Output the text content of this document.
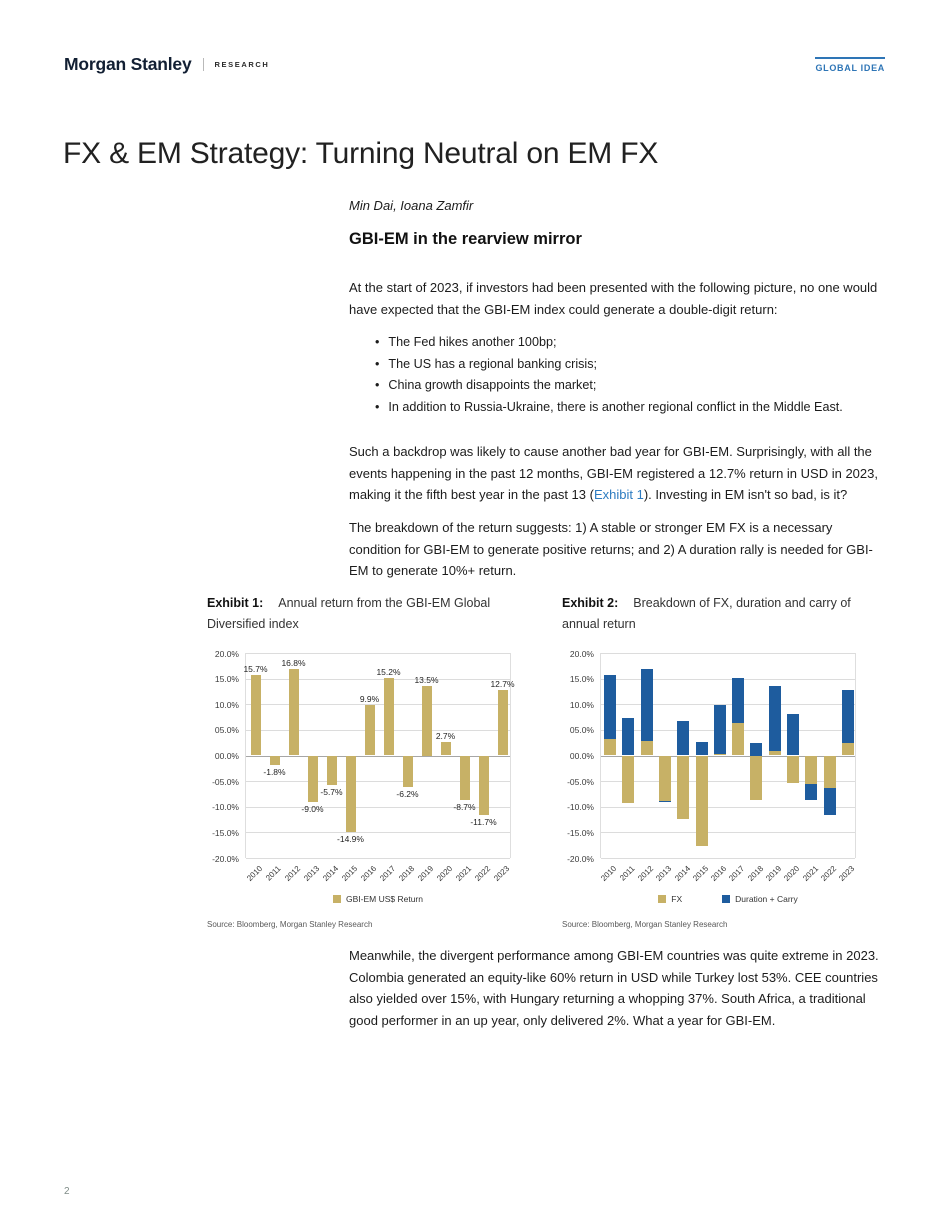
Morgan Stanley	RESEARCH	GLOBAL IDEA
FX & EM Strategy: Turning Neutral on EM FX
Min Dai, Ioana Zamfir
GBI-EM in the rearview mirror

At the start of 2023, if investors had been presented with the following picture, no one would have expected that the GBI-EM index could generate a double-digit return:

• The Fed hikes another 100bp;
• The US has a regional banking crisis;
• China growth disappoints the market;
• In addition to Russia-Ukraine, there is another regional conflict in the Middle East.

Such a backdrop was likely to cause another bad year for GBI-EM. Surprisingly, with all the events happening in the past 12 months, GBI-EM registered a 12.7% return in USD in 2023, making it the fifth best year in the past 13 (Exhibit 1). Investing in EM isn't so bad, is it?

The breakdown of the return suggests: 1) A stable or stronger EM FX is a necessary condition for GBI-EM to generate positive returns; and 2) A duration rally is needed for GBI-EM to generate 10%+ return.

Exhibit 1: Annual return from the GBI-EM Global Diversified index
20.0%
15.0%
10.0%
05.0%
00.0%
-05.0%
-10.0%
-15.0%
-20.0%
2010 2011 2012 2013 2014 2015 2016 2017 2018 2019 2020 2021 2022 2023
15.7%
-1.8%
16.8%
-9.0%
-5.7%
-14.9%
9.9%
15.2%
-6.2%
13.5%
2.7%
-8.7%
-11.7%
12.7%
GBI-EM US$ Return
Source: Bloomberg, Morgan Stanley Research
Exhibit 2: Breakdown of FX, duration and carry of annual return
20.0%
15.0%
10.0%
05.0%
00.0%
-05.0%
-10.0%
-15.0%
-20.0%
2010 2011 2012 2013 2014 2015 2016 2017 2018 2019 2020 2021 2022 2023
FX	Duration + Carry
Source: Bloomberg, Morgan Stanley Research

Meanwhile, the divergent performance among GBI-EM countries was quite extreme in 2023. Colombia generated an equity-like 60% return in USD while Turkey lost 53%. CEE countries also yielded over 15%, with Hungary returning a whopping 37%. South Africa, a traditional good performer in an up year, only delivered 2%. What a year for GBI-EM.

2
